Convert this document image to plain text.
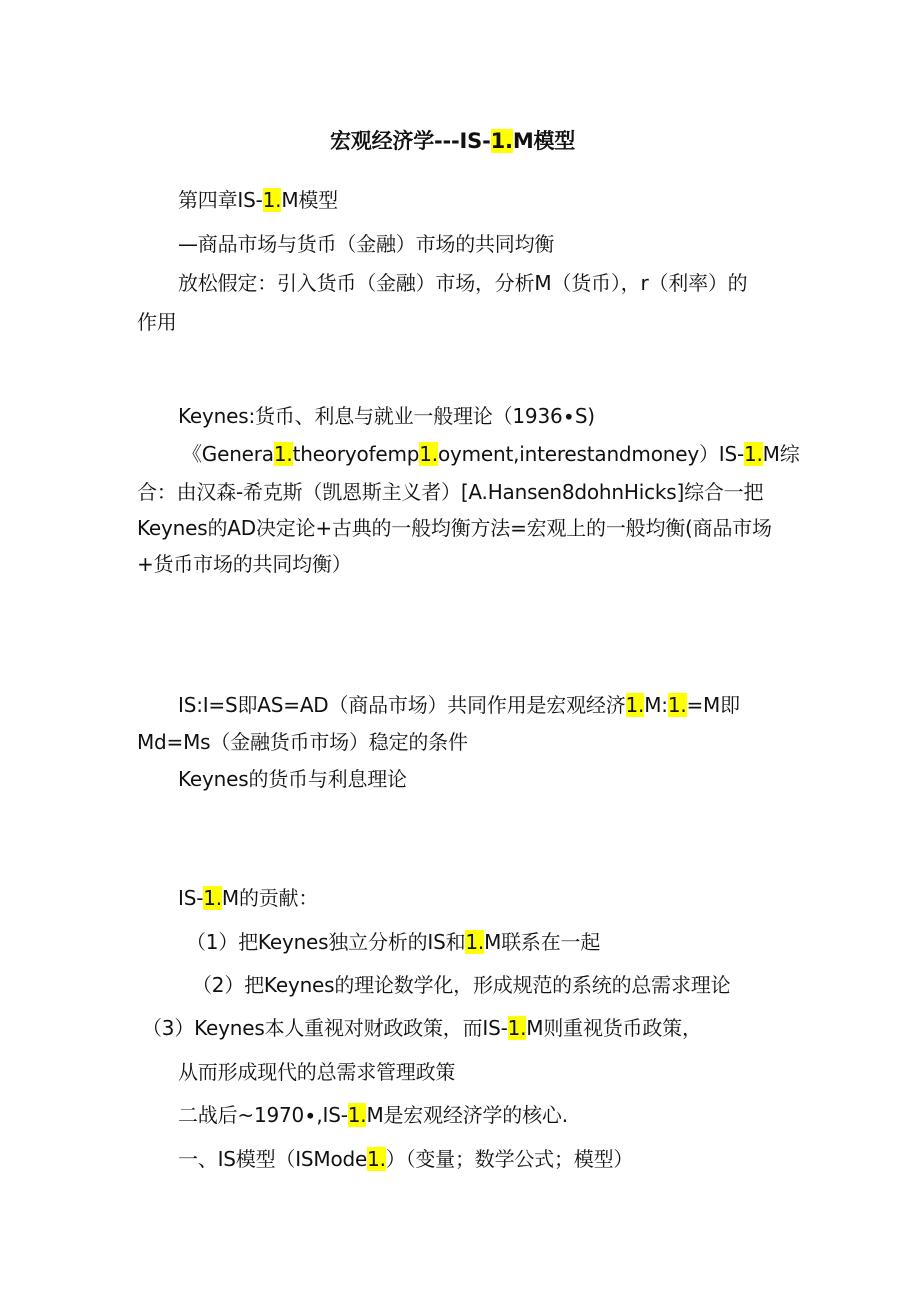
宏观经济学---IS-1.M模型
第四章IS-1.M模型
—商品市场与货币（金融）市场的共同均衡
放松假定：引入货币（金融）市场，分析M（货币），r（利率）的
作用
Keynes:货币、利息与就业一般理论（1936∙S)
《Genera1.theoryofemp1.oyment,interestandmoney）IS-1.M综
合：由汉森-希克斯（凯恩斯主义者）[A.Hansen8dohnHicks]综合一把
Keynes的AD决定论+古典的一般均衡方法=宏观上的一般均衡(商品市场
+货币市场的共同均衡）
IS:I=S即AS=AD（商品市场）共同作用是宏观经济1.M:1.=M即
Md=Ms（金融货币市场）稳定的条件
Keynes的货币与利息理论
IS-1.M的贡献：
（1）把Keynes独立分析的IS和1.M联系在一起
（2）把Keynes的理论数学化，形成规范的系统的总需求理论
（3）Keynes本人重视对财政政策，而IS-1.M则重视货币政策，
从而形成现代的总需求管理政策
二战后~1970∙,IS-1.M是宏观经济学的核心.
一、IS模型（ISMode1.）（变量；数学公式；模型）
